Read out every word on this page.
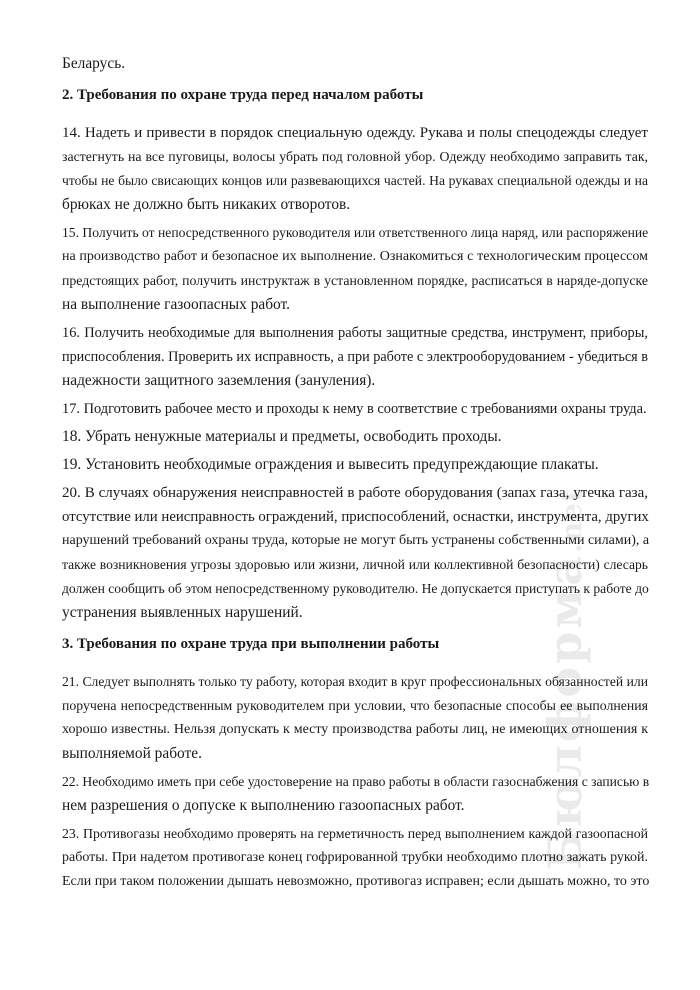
Беларусь.
2. Требования по охране труда перед началом работы
14. Надеть и привести в порядок специальную одежду. Рукава и полы спецодежды следует
застегнуть на все пуговицы, волосы убрать под головной убор. Одежду необходимо заправить так,
чтобы не было свисающих концов или развевающихся частей. На рукавах специальной одежды и на
брюках не должно быть никаких отворотов.
15. Получить от непосредственного руководителя или ответственного лица наряд, или распоряжение
на производство работ и безопасное их выполнение. Ознакомиться с технологическим процессом
предстоящих работ, получить инструктаж в установленном порядке, расписаться в наряде-допуске
на выполнение газоопасных работ.
16. Получить необходимые для выполнения работы защитные средства, инструмент, приборы,
приспособления. Проверить их исправность, а при работе с электрооборудованием - убедиться в
надежности защитного заземления (зануления).
17. Подготовить рабочее место и проходы к нему в соответствие с требованиями охраны труда.
18. Убрать ненужные материалы и предметы, освободить проходы.
19. Установить необходимые ограждения и вывесить предупреждающие плакаты.
20. В случаях обнаружения неисправностей в работе оборудования (запах газа, утечка газа,
отсутствие или неисправность ограждений, приспособлений, оснастки, инструмента, других
нарушений требований охраны труда, которые не могут быть устранены собственными силами), а
также возникновения угрозы здоровью или жизни, личной или коллективной безопасности) слесарь
должен сообщить об этом непосредственному руководителю. Не допускается приступать к работе до
устранения выявленных нарушений.
3. Требования по охране труда при выполнении работы
21. Следует выполнять только ту работу, которая входит в круг профессиональных обязанностей или
поручена непосредственным руководителем при условии, что безопасные способы ее выполнения
хорошо известны. Нельзя допускать к месту производства работы лиц, не имеющих отношения к
выполняемой работе.
22. Необходимо иметь при себе удостоверение на право работы в области газоснабжения с записью в
нем разрешения о допуске к выполнению газоопасных работ.
23. Противогазы необходимо проверять на герметичность перед выполнением каждой газоопасной
работы. При надетом противогазе конец гофрированной трубки необходимо плотно зажать рукой.
Если при таком положении дышать невозможно, противогаз исправен; если дышать можно, то это
Бюлформа.net
